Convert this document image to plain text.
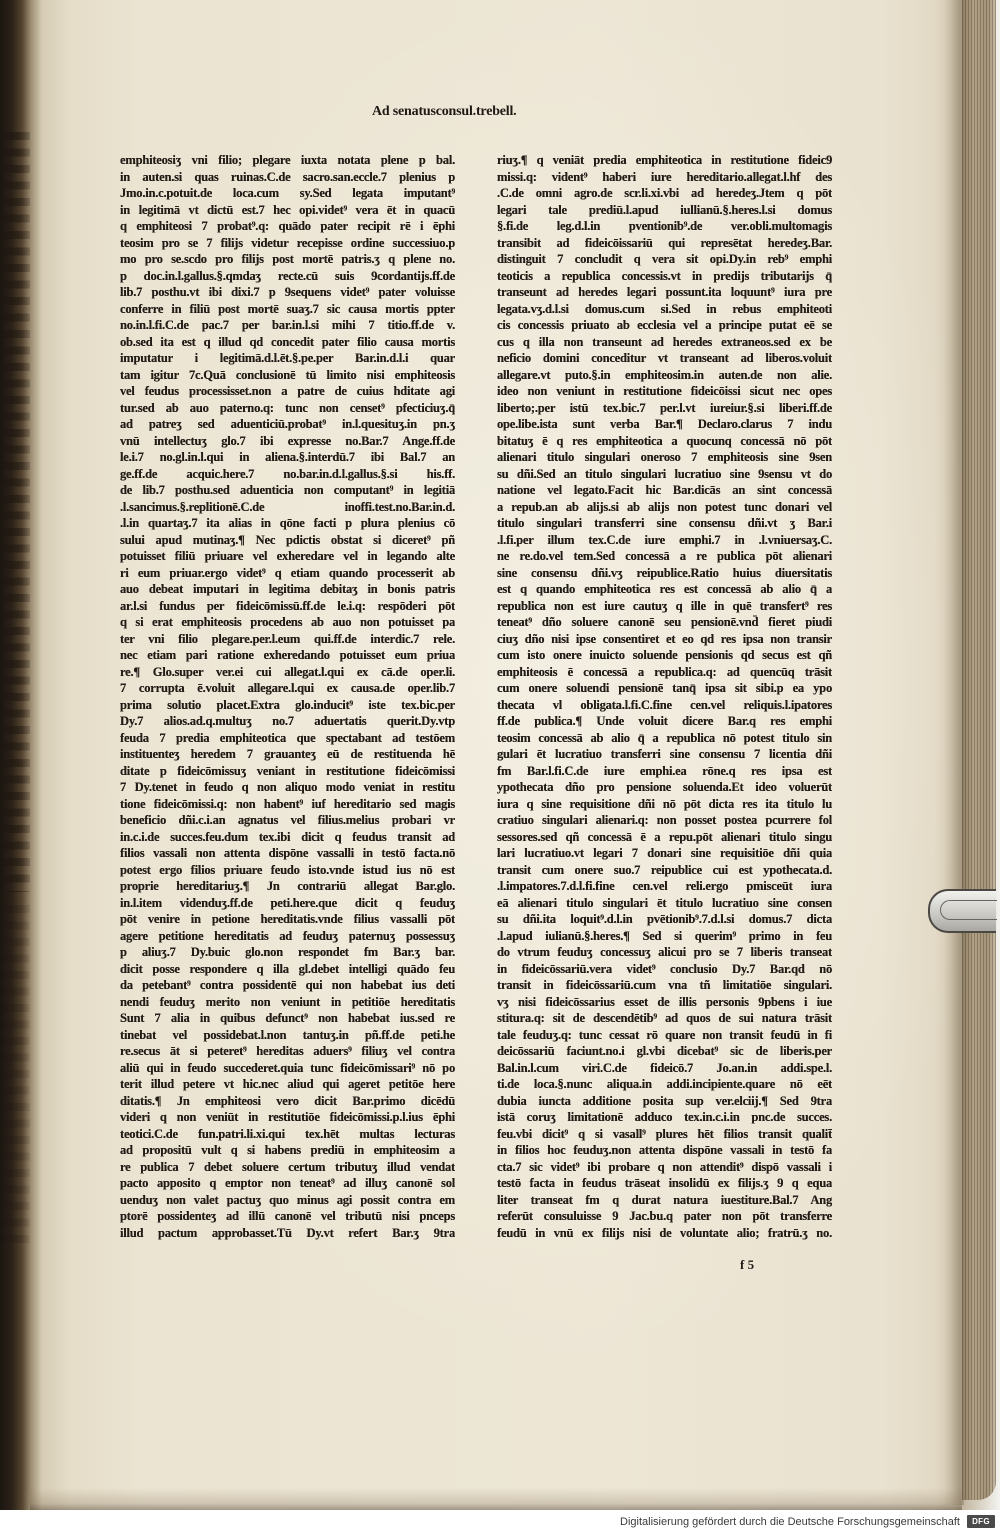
Ad senatusconsul.trebell.
emphiteosiʒ vni filio; plegare iuxta notata plene p bal.
in auten.si quas ruinas.C.de sacro.san.eccle.7 plenius p
Jmo.in.c.potuit.de loca.cum sy.Sed legata imputant⁹
in legitimā vt dictū est.7 hec opi.videt⁹ vera ēt in quacū
q emphiteosi 7 probat⁹.q: quādo pater recipit rē i ēphi
teosim pro se 7 filijs videtur recepisse ordine successiuo.p
mo pro se.scdo pro filijs post mortē patris.ʒ q plene no.
p doc.in.l.gallus.§.qmdaʒ recte.cū suis 9cordantijs.ff.de
lib.7 posthu.vt ibi dixi.7 p 9sequens videt⁹ pater voluisse
conferre in filiū post mortē suaʒ.7 sic causa mortis ppter
no.in.l.fi.C.de pac.7 per bar.in.l.si mihi 7 titio.ff.de v.
ob.sed ita est q illud qd concedit pater filio causa mortis
imputatur i legitimā.d.l.ēt.§.pe.per Bar.in.d.l.i quar
tam igitur 7c.Quā conclusionē tū limito nisi emphiteosis
vel feudus processisset.non a patre de cuius hditate agi
tur.sed ab auo paterno.q: tunc non censet⁹ pfecticiuʒ.q̄
ad patreʒ sed aduenticiū.probat⁹ in.l.quesituʒ.in pn.ʒ
vnū intellectuʒ glo.7 ibi expresse no.Bar.7 Ange.ff.de
le.i.7 no.gl.in.l.qui in aliena.§.interdū.7 ibi Bal.7 an
ge.ff.de acquic.here.7 no.bar.in.d.l.gallus.§.si his.ff.
de lib.7 posthu.sed aduenticia non computant⁹ in legitiā
.l.sancimus.§.replitionē.C.de inoffi.test.no.Bar.in.d.
.l.in quartaʒ.7 ita alias in qōne facti p plura plenius cō
sului apud mutinaʒ.¶ Nec pdictis obstat si diceret⁹ pñ
potuisset filiū priuare vel exheredare vel in legando alte
ri eum priuar.ergo videt⁹ q etiam quando processerit ab
auo debeat imputari in legitima debitaʒ in bonis patris
ar.l.si fundus per fideicōmissū.ff.de le.i.q: respōderi pōt
q si erat emphiteosis procedens ab auo non potuisset pa
ter vni filio plegare.per.l.eum qui.ff.de interdic.7 rele.
nec etiam pari ratione exheredando potuisset eum priua
re.¶ Glo.super ver.ei cui allegat.l.qui ex cā.de oper.li.
7 corrupta ē.voluit allegare.l.qui ex causa.de oper.lib.7
prima solutio placet.Extra glo.inducit⁹ iste tex.bic.per
Dy.7 alios.ad.q.multuʒ no.7 aduertatis querit.Dy.vtp
feuda 7 predia emphiteotica que spectabant ad testōem
instituenteʒ heredem 7 grauanteʒ eū de restituenda hē
ditate p fideicōmissuʒ veniant in restitutione fideicōmissi
7 Dy.tenet in feudo q non aliquo modo veniat in restitu
tione fideicōmissi.q: non habent⁹ iuf hereditario sed magis
beneficio dñi.c.i.an agnatus vel filius.melius probari vr
in.c.i.de succes.feu.dum tex.ibi dicit q feudus transit ad
filios vassali non attenta dispōne vassalli in testō facta.nō
potest ergo filios priuare feudo isto.vnde istud ius nō est
proprie hereditariuʒ.¶ Jn contrariū allegat Bar.glo.
in.l.item videnduʒ.ff.de peti.here.que dicit q feuduʒ
pōt venire in petione hereditatis.vnde filius vassalli pōt
agere petitione hereditatis ad feuduʒ paternuʒ possessuʒ
p aliuʒ.7 Dy.buic glo.non respondet fm Bar.ʒ bar.
dicit posse respondere q illa gl.debet intelligi quādo feu
da petebant⁹ contra possidentē qui non habebat ius deti
nendi feuduʒ merito non veniunt in petitiōe hereditatis
Sunt 7 alia in quibus defunct⁹ non habebat ius.sed re
tinebat vel possidebat.l.non tantuʒ.in pñ.ff.de peti.he
re.secus āt si peteret⁹ hereditas aduers⁹ filiuʒ vel contra
aliū qui in feudo succederet.quia tunc fideicōmissari⁹ nō po
terit illud petere vt hic.nec aliud qui ageret petitōe here
ditatis.¶ Jn emphiteosi vero dicit Bar.primo dicēdū
videri q non veniūt in restitutiōe fideicōmissi.p.l.ius ēphi
teotici.C.de fun.patri.li.xi.qui tex.hēt multas lecturas
ad propositū vult q si habens prediū in emphiteosim a
re publica 7 debet soluere certum tributuʒ illud vendat
pacto apposito q emptor non teneat⁹ ad illuʒ canonē sol
uenduʒ non valet pactuʒ quo minus agi possit contra em
ptorē possidenteʒ ad illū canonē vel tributū nisi pnceps
illud pactum approbasset.Tū Dy.vt refert Bar.ʒ 9tra
riuʒ.¶ q veniāt predia emphiteotica in restitutione fideic9
missi.q: vident⁹ haberi iure hereditario.allegat.l.hf des
.C.de omni agro.de scr.li.xi.vbi ad heredeʒ.Jtem q pōt
legari tale prediū.l.apud iullianū.§.heres.l.si domus
§.fi.de leg.d.l.in pventionib⁹.de ver.obli.multomagis
transibit ad fideicōissariū qui represētat heredeʒ.Bar.
distinguit 7 concludit q vera sit opi.Dy.in reb⁹ emphi
teoticis a republica concessis.vt in predijs tributarijs q̄
transeunt ad heredes legari possunt.ita loquunt⁹ iura pre
legata.vʒ.d.l.si domus.cum si.Sed in rebus emphiteoti
cis concessis priuato ab ecclesia vel a principe putat eē se
cus q illa non transeunt ad heredes extraneos.sed ex be
neficio domini conceditur vt transeant ad liberos.voluit
allegare.vt puto.§.in emphiteosim.in auten.de non alie.
ideo non veniunt in restitutione fideicōissi sicut nec opes
liberto;.per istū tex.bic.7 per.l.vt iureiur.§.si liberi.ff.de
ope.libe.ista sunt verba Bar.¶ Declaro.clarus 7 indu
bitatuʒ ē q res emphiteotica a quocunq concessā nō pōt
alienari titulo singulari oneroso 7 emphiteosis sine 9sen
su dñi.Sed an titulo singulari lucratiuo sine 9sensu vt do
natione vel legato.Facit hic Bar.dicās an sint concessā
a repub.an ab alijs.si ab alijs non potest tunc donari vel
titulo singulari transferri sine consensu dñi.vt ʒ Bar.i
.l.fi.per illum tex.C.de iure emphi.7 in .l.vniuersaʒ.C.
ne re.do.vel tem.Sed concessā a re publica pōt alienari
sine consensu dñi.vʒ reipublice.Ratio huius diuersitatis
est q quando emphiteotica res est concessā ab alio q̄ a
republica non est iure cautuʒ q ille in quē transfert⁹ res
teneat⁹ dño soluere canonē seu pensionē.vnd̄ fieret piudi
ciuʒ dño nisi ipse consentiret et eo qd res ipsa non transir
cum isto onere inuicto soluende pensionis qd secus est qñ
emphiteosis ē concessā a republica.q: ad quencūq trāsit
cum onere soluendi pensionē tanq̄ ipsa sit sibi.p ea ypo
thecata vl obligata.l.fi.C.fine cen.vel reliquis.l.ipatores
ff.de publica.¶ Unde voluit dicere Bar.q res emphi
teosim concessā ab alio q̄ a republica nō potest titulo sin
gulari ēt lucratiuo transferri sine consensu 7 licentia dñi
fm Bar.l.fi.C.de iure emphi.ea rōne.q res ipsa est
ypothecata dño pro pensione soluenda.Et ideo voluerūt
iura q sine requisitione dñi nō pōt dicta res ita titulo lu
cratiuo singulari alienari.q: non posset postea pcurrere fol
sessores.sed qñ concessā ē a repu.pōt alienari titulo singu
lari lucratiuo.vt legari 7 donari sine requisitiōe dñi quia
transit cum onere suo.7 reipublice cui est ypothecata.d.
.l.impatores.7.d.l.fi.fine cen.vel reli.ergo pmisceūt iura
eā alienari titulo singulari ēt titulo lucratiuo sine consen
su dñi.ita loquit⁹.d.l.in pvētionib⁹.7.d.l.si domus.7 dicta
.l.apud iulianū.§.heres.¶ Sed si querim⁹ primo in feu
do vtrum feuduʒ concessuʒ alicui pro se 7 liberis transeat
in fideicōssariū.vera videt⁹ conclusio Dy.7 Bar.qd nō
transit in fideicōssariū.cum vna tñ limitatiōe singulari.
vʒ nisi fideicōssarius esset de illis personis 9pbens i iue
stitura.q: sit de descendētib⁹ ad quos de sui natura trāsit
tale feuduʒ.q: tunc cessat rō quare non transit feudū in fi
deicōssariū faciunt.no.i gl.vbi dicebat⁹ sic de liberis.per
Bal.in.l.cum viri.C.de fideicō.7 Jo.an.in addi.spe.l.
ti.de loca.§.nunc aliqua.in addi.incipiente.quare nō eēt
dubia iuncta additione posita sup ver.elciij.¶ Sed 9tra
istā coruʒ limitationē adduco tex.in.c.i.in pnc.de succes.
feu.vbi dicit⁹ q si vasall⁹ plures hēt filios transit qualit̄
in filios hoc feuduʒ.non attenta dispōne vassali in testō fa
cta.7 sic videt⁹ ibi probare q non attendit⁹ dispō vassali i
testō facta in feudus trāseat insolidū ex filijs.ʒ 9 q equa
liter transeat fm q durat natura iuestiture.Bal.7 Ang
referūt consuluisse 9 Jac.bu.q pater non pōt transferre
feudū in vnū ex filijs nisi de voluntate alio; fratrū.ʒ no.
f 5
Digitalisierung gefördert durch die Deutsche Forschungsgemeinschaft	DFG
